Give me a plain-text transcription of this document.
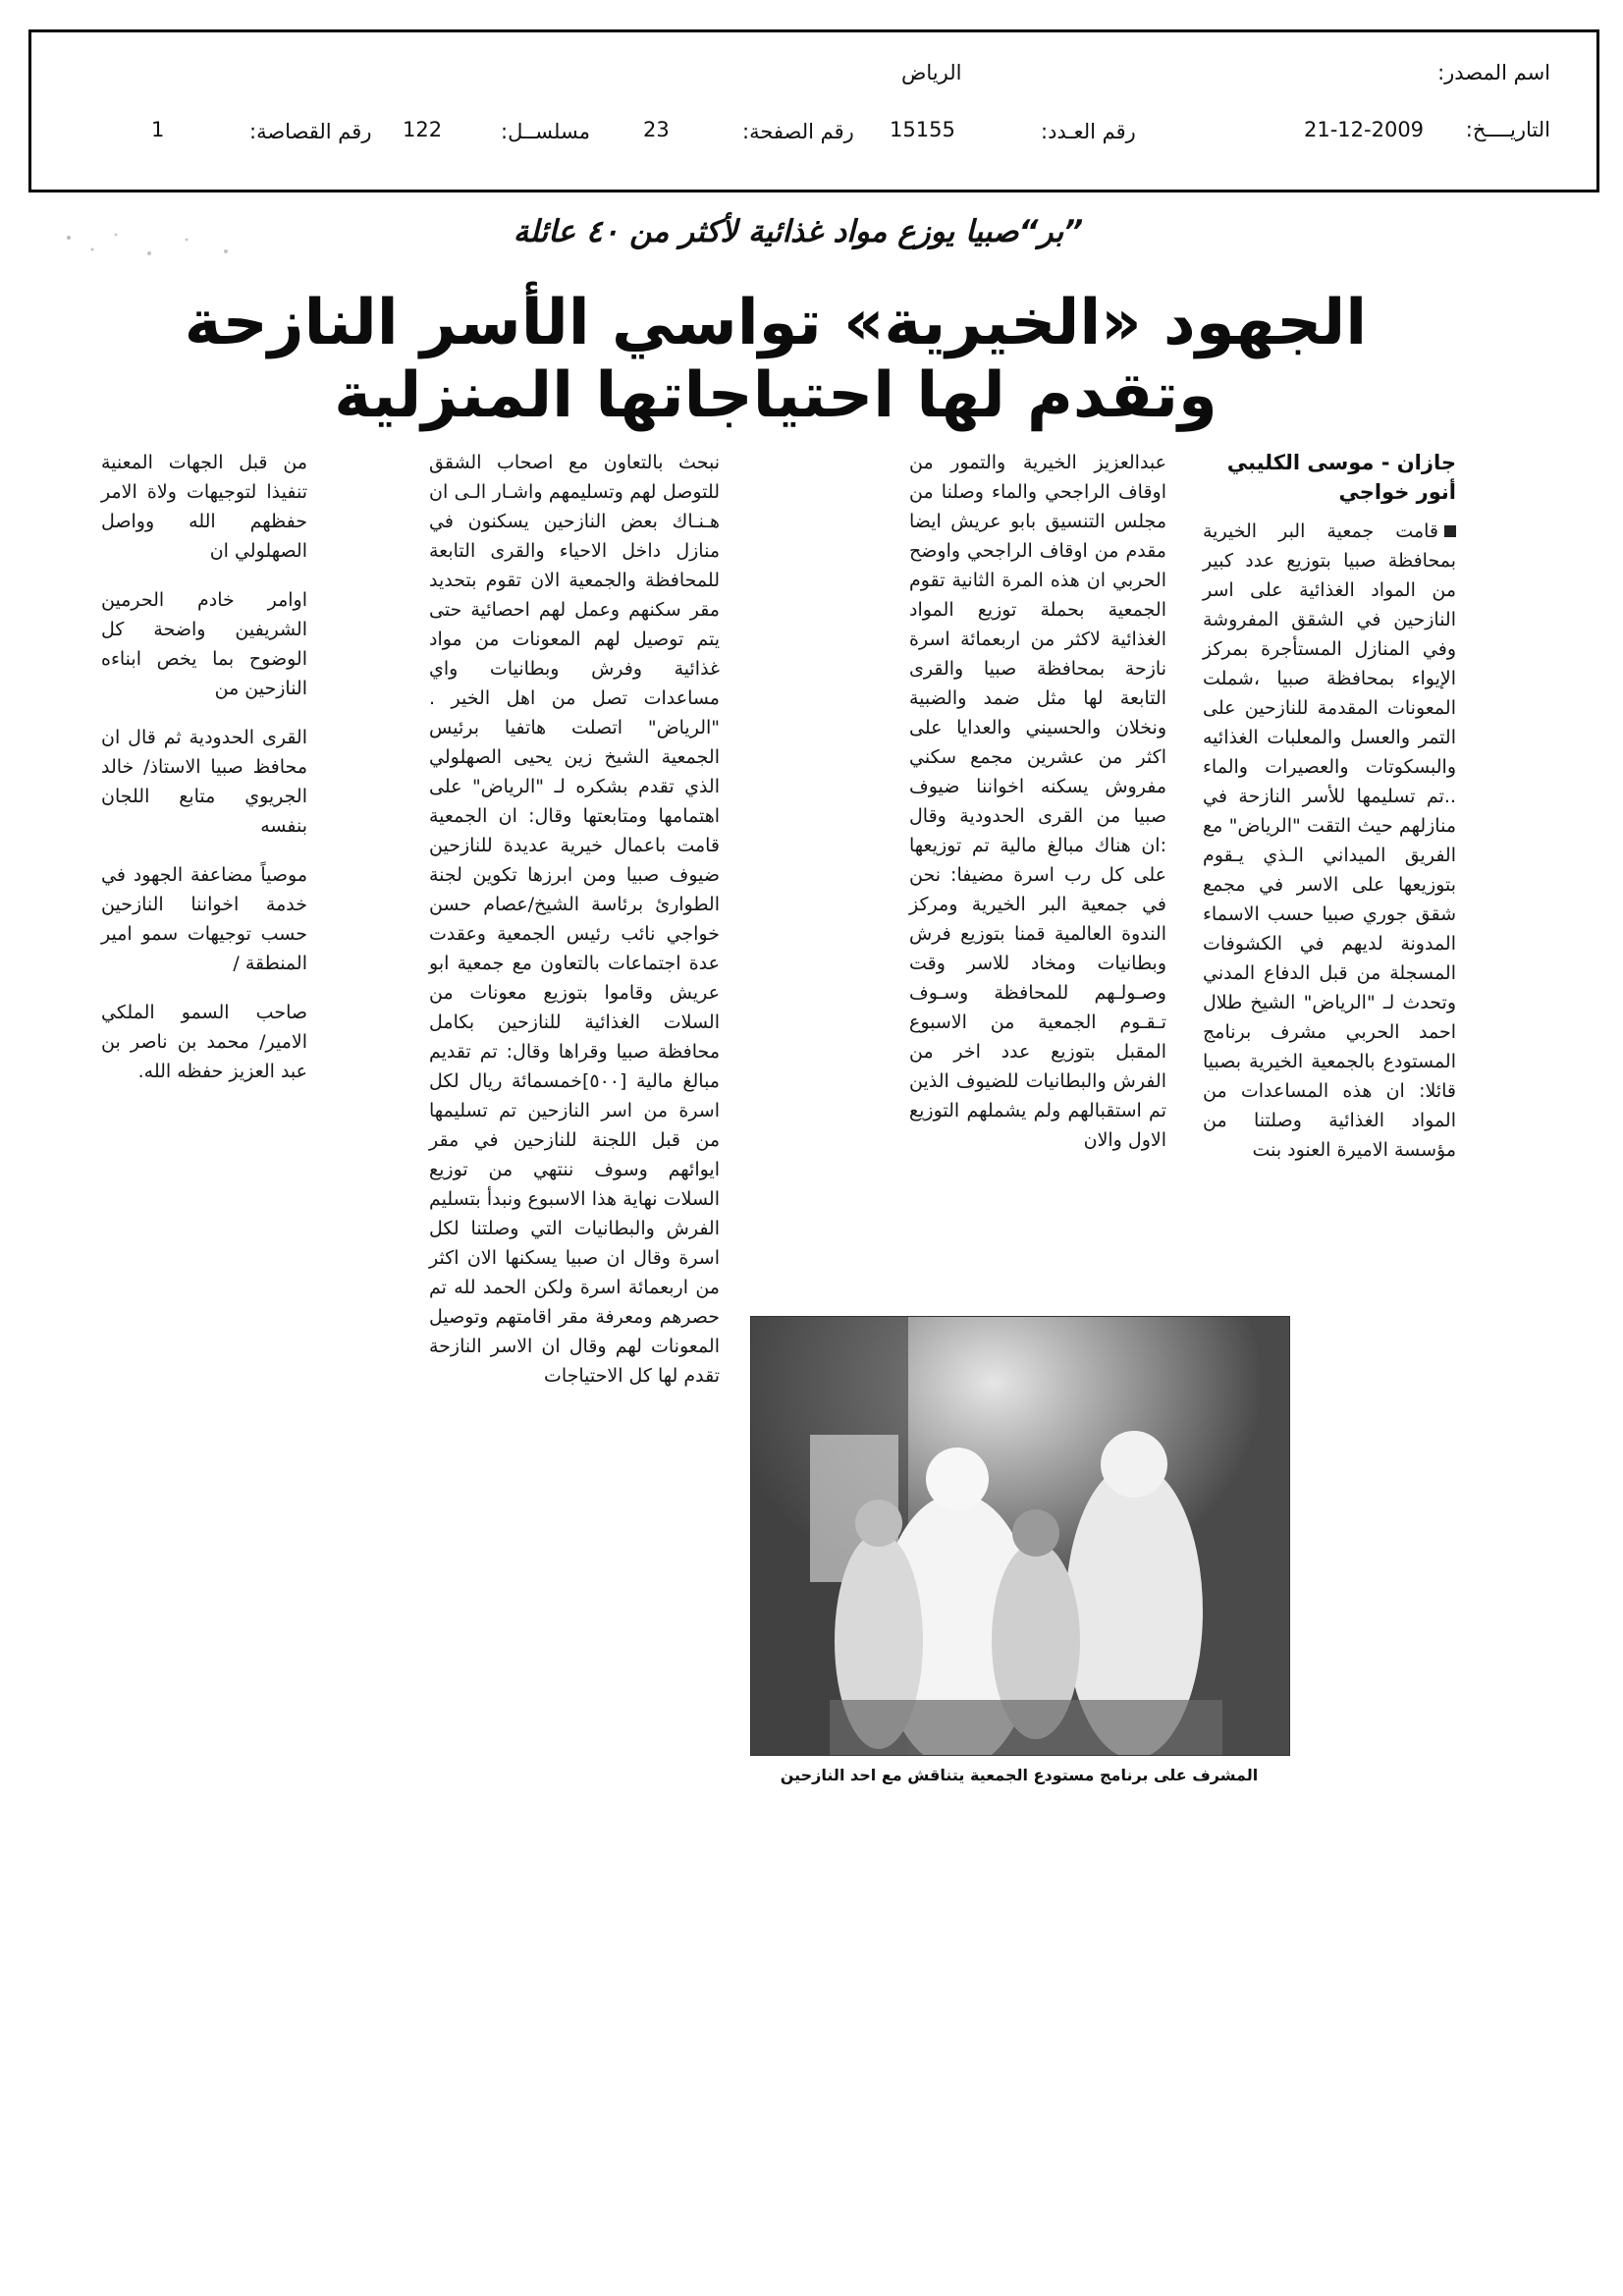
اسم المصدر:
الرياض
التاريــــخ:
21-12-2009
رقم العـدد:
15155
رقم الصفحة:
23
مسلســل:
122
رقم القصاصة:
1
”بر“صبيا يوزع مواد غذائية لأكثر من ٤٠ عائلة
الجهود «الخيرية» تواسي الأسر النازحة وتقدم لها احتياجاتها المنزلية
جازان - موسى الكليبي
أنور خواجي
قامت جمعية البر الخيرية بمحافظة صبيا بتوزيع عدد كبير من المواد الغذائية على اسر النازحين في الشقق المفروشة وفي المنازل المستأجرة بمركز الإيواء بمحافظة صبيا ،شملت المعونات المقدمة للنازحين على التمر والعسل والمعلبات الغذائيه والبسكوتات والعصيرات والماء ..تم تسليمها للأسر النازحة في منازلهم حيث التقت "الرياض" مع الفريق الميداني الـذي يـقوم بتوزيعها على الاسر في مجمع شقق جوري صبيا حسب الاسماء المدونة لديهم في الكشوفات المسجلة من قبل الدفاع المدني وتحدث لـ "الرياض" الشيخ طلال احمد الحربي مشرف برنامج المستودع بالجمعية الخيرية بصبيا قائلا: ان هذه المساعدات من المواد الغذائية وصلتنا من مؤسسة الاميرة العنود بنت
عبدالعزيز الخيرية والتمور من اوقاف الراجحي والماء وصلنا من مجلس التنسيق بابو عريش ايضا مقدم من اوقاف الراجحي واوضح الحربي ان هذه المرة الثانية تقوم الجمعية بحملة توزيع المواد الغذائية لاكثر من اربعمائة اسرة نازحة بمحافظة صبيا والقرى التابعة لها مثل ضمد والضبية ونخلان والحسيني والعدايا على اكثر من عشرين مجمع سكني مفروش يسكنه اخواننا ضيوف صبيا من القرى الحدودية وقال :ان هناك مبالغ مالية تم توزيعها على كل رب اسرة مضيفا: نحن في جمعية البر الخيرية ومركز الندوة العالمية قمنا بتوزيع فرش وبطانيات ومخاد للاسر وقت وصـولـهم للمحافظة وسـوف تـقـوم الجمعية من الاسبوع المقبل بتوزيع عدد اخر من الفرش والبطانيات للضيوف الذين تم استقبالهم ولم يشملهم التوزيع الاول والان
نبحث بالتعاون مع اصحاب الشقق للتوصل لهم وتسليمهم واشـار الـى ان هـنـاك بعض النازحين يسكنون في منازل داخل الاحياء والقرى التابعة للمحافظة والجمعية الان تقوم بتحديد مقر سكنهم وعمل لهم احصائية حتى يتم توصيل لهم المعونات من مواد غذائية وفرش وبطانيات واي مساعدات تصل من اهل الخير . "الرياض" اتصلت هاتفيا برئيس الجمعية الشيخ زين يحيى الصهلولي الذي تقدم بشكره لـ "الرياض" على اهتمامها ومتابعتها وقال: ان الجمعية قامت باعمال خيرية عديدة للنازحين ضيوف صبيا ومن ابرزها تكوين لجنة الطوارئ برئاسة الشيخ/عصام حسن خواجي نائب رئيس الجمعية وعقدت عدة اجتماعات بالتعاون مع جمعية ابو عريش وقاموا بتوزيع معونات من السلات الغذائية للنازحين بكامل محافظة صبيا وقراها وقال: تم تقديم مبالغ مالية [٥٠٠]خمسمائة ريال لكل اسرة من اسر النازحين تم تسليمها من قبل اللجنة للنازحين في مقر ايوائهم وسوف ننتهي من توزيع السلات نهاية هذا الاسبوع ونبدأ بتسليم الفرش والبطانيات التي وصلتنا لكل اسرة وقال ان صبيا يسكنها الان اكثر من اربعمائة اسرة ولكن الحمد لله تم حصرهم ومعرفة مقر اقامتهم وتوصيل المعونات لهم وقال ان الاسر النازحة تقدم لها كل الاحتياجات

من قبل الجهات المعنية تنفيذا لتوجيهات ولاة الامر حفظهم الله وواصل الصهلولي ان

اوامر خادم الحرمين الشريفين واضحة كل الوضوح بما يخص ابناءه النازحين من

القرى الحدودية ثم قال ان محافظ صبيا الاستاذ/ خالد الجريوي متابع اللجان بنفسه

موصياً مضاعفة الجهود في خدمة اخواننا النازحين حسب توجيهات سمو امير المنطقة /

صاحب السمو الملكي الامير/ محمد بن ناصر بن عبد العزيز حفظه الله.

المشرف على برنامج مستودع الجمعية يتناقش مع احد النازحين
